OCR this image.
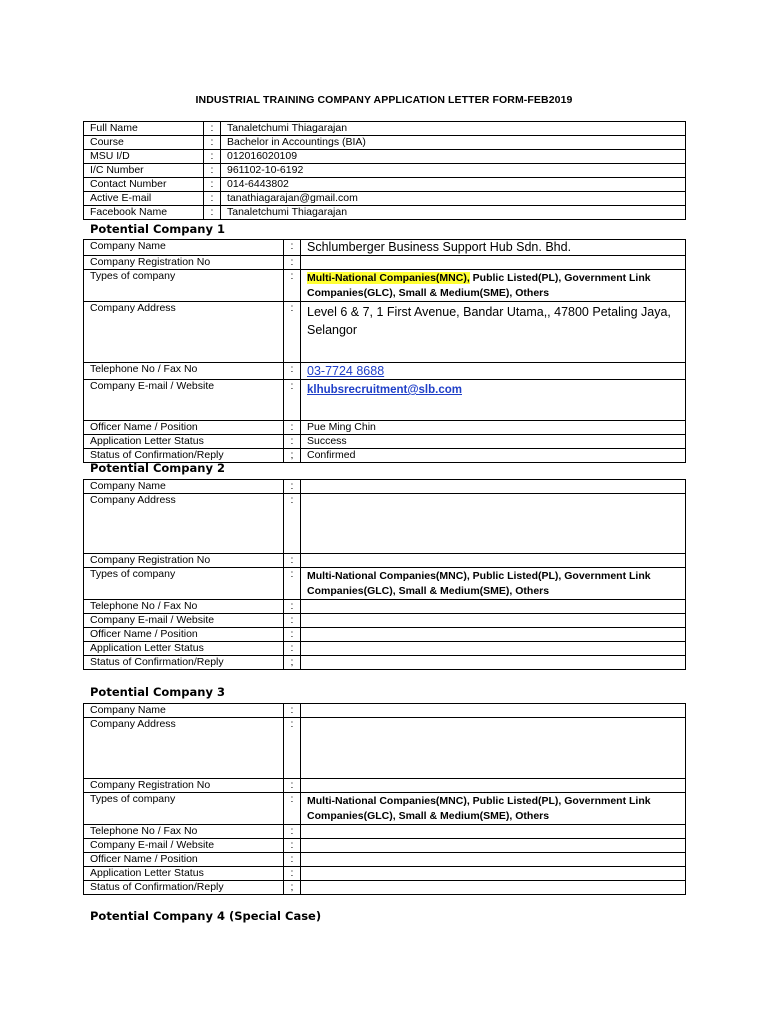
INDUSTRIAL TRAINING COMPANY APPLICATION LETTER FORM-FEB2019
Full Name	:	Tanaletchumi Thiagarajan
Course	:	Bachelor in Accountings (BIA)
MSU I/D	:	012016020109
I/C Number	:	961102-10-6192
Contact Number	:	014-6443802
Active E-mail	:	tanathiagarajan@gmail.com
Facebook Name	:	Tanaletchumi Thiagarajan
Potential Company 1
Company Name	:	Schlumberger Business Support Hub Sdn. Bhd.
Company Registration No	:	
Types of company	:	Multi-National Companies(MNC), Public Listed(PL), Government Link Companies(GLC), Small & Medium(SME), Others
Company Address	:	Level 6 & 7, 1 First Avenue, Bandar Utama,, 47800 Petaling Jaya, Selangor
Telephone No / Fax No	:	03-7724 8688
Company E-mail / Website	:	klhubsrecruitment@slb.com
Officer Name / Position	:	Pue Ming Chin
Application Letter Status	:	Success
Status of Confirmation/Reply	;	Confirmed
Potential Company 2
Company Name	:	
Company Address	:	
Company Registration No	:	
Types of company	:	Multi-National Companies(MNC), Public Listed(PL), Government Link Companies(GLC), Small & Medium(SME), Others
Telephone No / Fax No	:	
Company E-mail / Website	:	
Officer Name / Position	:	
Application Letter Status	:	
Status of Confirmation/Reply	;	
Potential Company 3
Company Name	:	
Company Address	:	
Company Registration No	:	
Types of company	:	Multi-National Companies(MNC), Public Listed(PL), Government Link Companies(GLC), Small & Medium(SME), Others
Telephone No / Fax No	:	
Company E-mail / Website	:	
Officer Name / Position	:	
Application Letter Status	:	
Status of Confirmation/Reply	;	
Potential Company 4 (Special Case)
